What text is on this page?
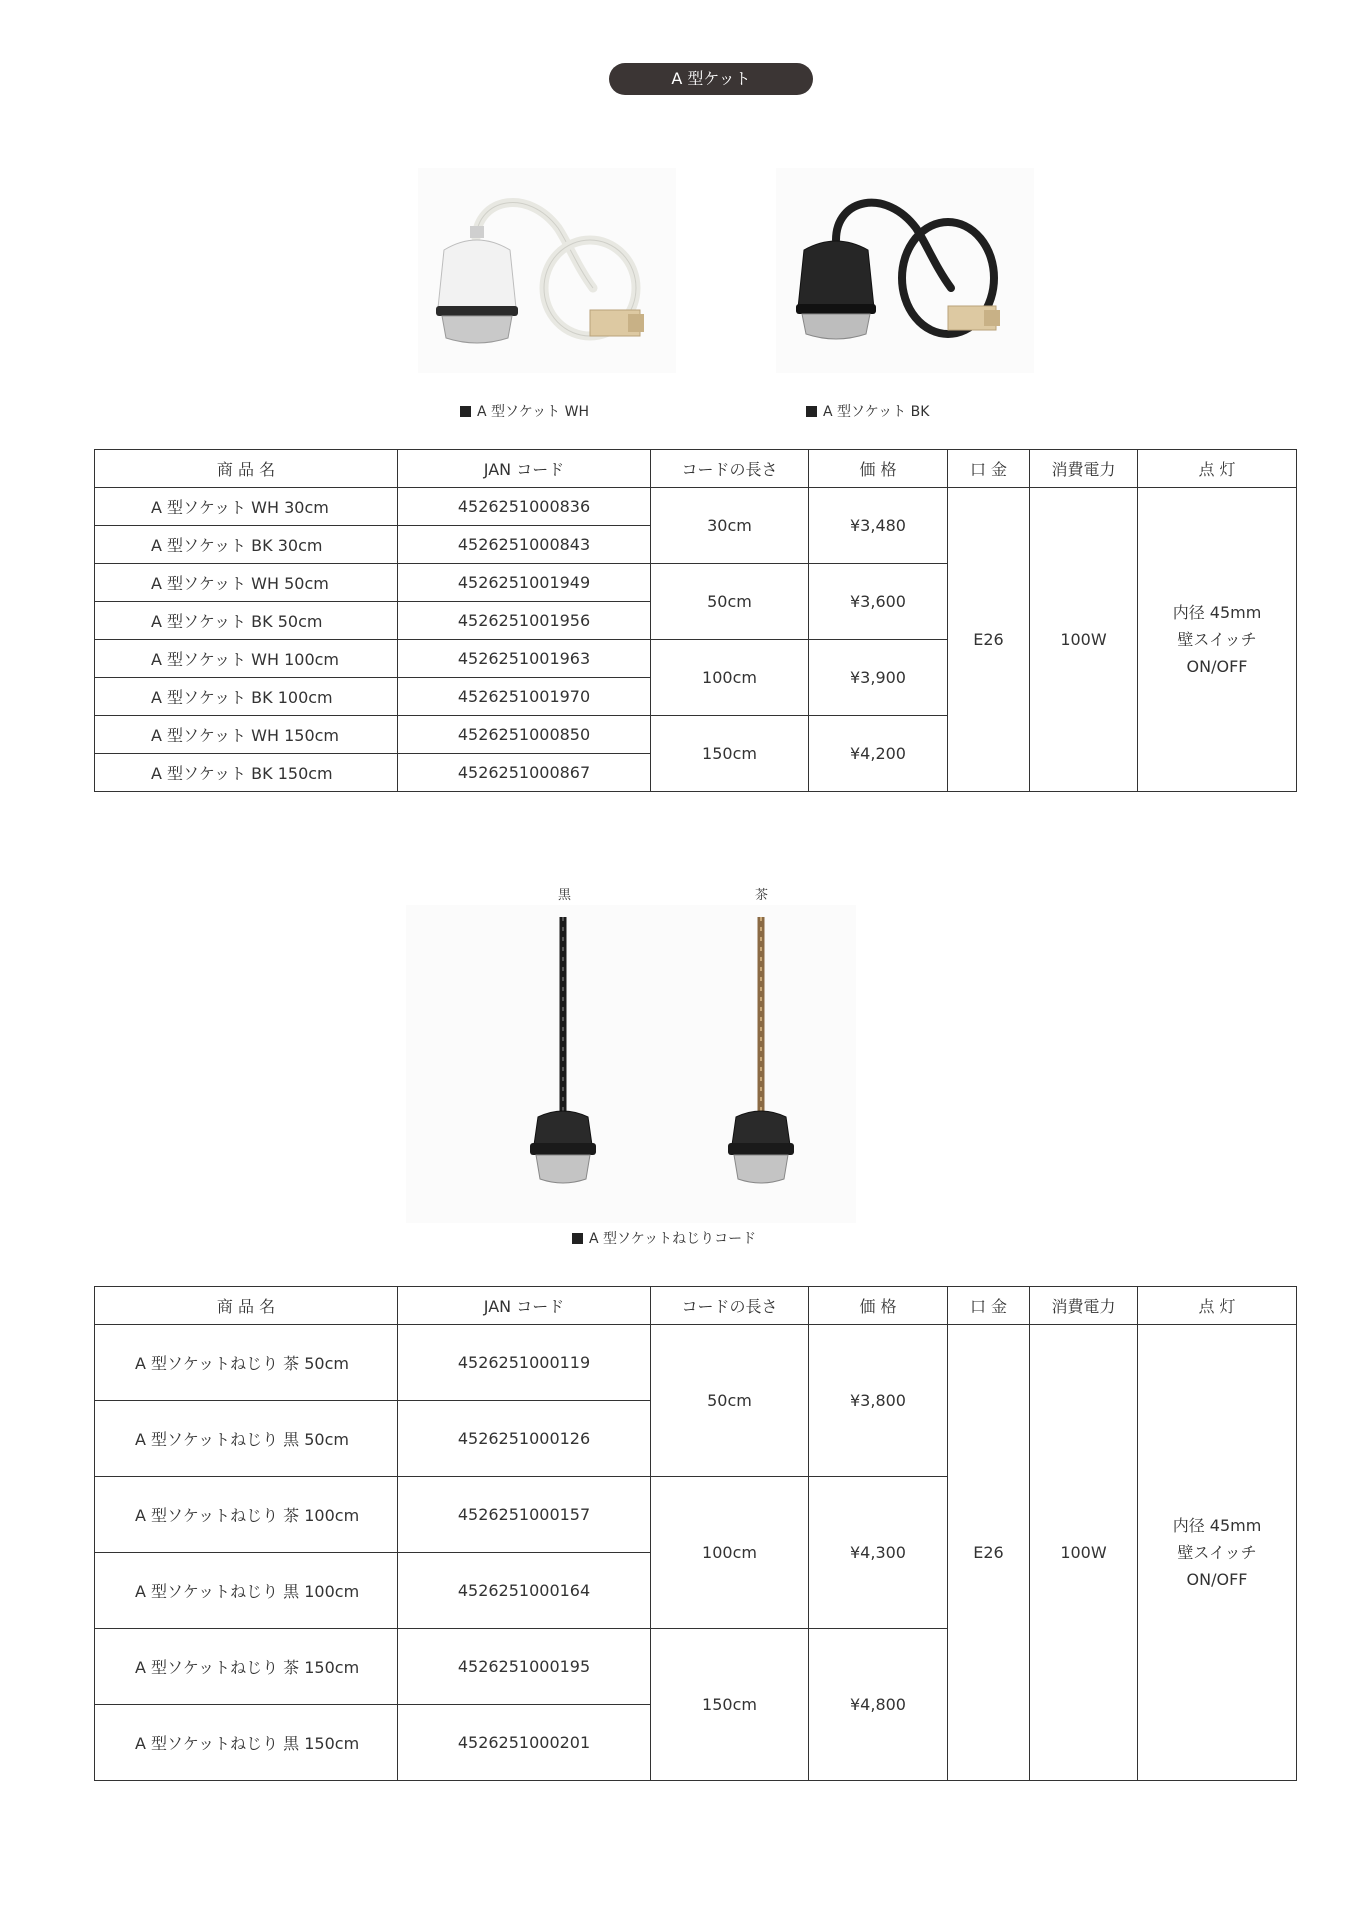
A 型ケット
A 型ソケット WH	A 型ソケット BK
商 品 名	JAN コード	コードの長さ	価 格	口 金	消費電力	点 灯
A 型ソケット WH 30cm	4526251000836	30cm	¥3,480	E26	100W	内径 45mm
壁スイッチ
ON/OFF

A 型ソケット BK 30cm	4526251000843					
A 型ソケット WH 50cm	4526251001949	50cm	¥3,600			
A 型ソケット BK 50cm	4526251001956					
A 型ソケット WH 100cm	4526251001963	100cm	¥3,900			
A 型ソケット BK 100cm	4526251001970					
A 型ソケット WH 150cm	4526251000850	150cm	¥4,200			
A 型ソケット BK 150cm	4526251000867					
黒	茶
A 型ソケットねじりコード
商 品 名	JAN コード	コードの長さ	価 格	口 金	消費電力	点 灯
A 型ソケットねじり 茶 50cm	4526251000119	50cm	¥3,800	E26	100W	内径 45mm
壁スイッチ
ON/OFF

A 型ソケットねじり 黒 50cm	4526251000126					
A 型ソケットねじり 茶 100cm	4526251000157	100cm	¥4,300			
A 型ソケットねじり 黒 100cm	4526251000164					
A 型ソケットねじり 茶 150cm	4526251000195	150cm	¥4,800			
A 型ソケットねじり 黒 150cm	4526251000201					
